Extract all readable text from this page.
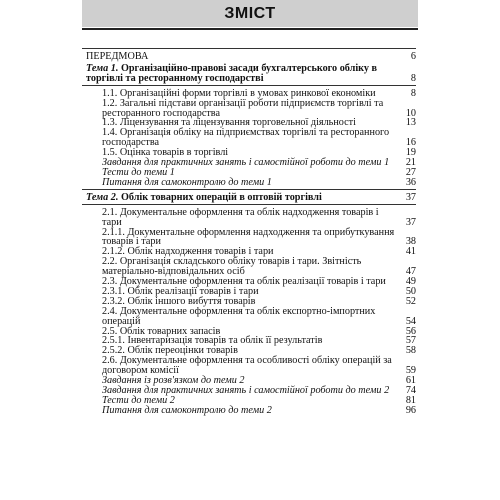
ЗМІСТ
ПЕРЕДМОВА	6
Тема 1. Організаційно-правові засади бухгалтерського обліку в торгівлі та ресторанному господарстві	8
1.1. Організаційні форми торгівлі в умовах ринкової економіки	8
1.2. Загальні підстави організації роботи підприємств торгівлі та ресторанного господарства	10
1.3. Ліцензування та ліцензування торговельної діяльності	13
1.4. Організація обліку на підприємствах торгівлі та ресторанного господарства	16
1.5. Оцінка товарів в торгівлі	19
Завдання для практичних занять і самостійної роботи до теми 1	21
Тести до теми 1	27
Питання для самоконтролю до теми 1	36
Тема 2. Облік товарних операцій в оптовій торгівлі	37
2.1. Документальне оформлення та облік надходження товарів і тари	37
2.1.1. Документальне оформлення надходження та оприбуткування товарів і тари	38
2.1.2. Облік надходження товарів і тари	41
2.2. Організація складського обліку товарів і тари. Звітність матеріально-відповідальних осіб	47
2.3. Документальне оформлення та облік реалізації товарів і тари	49
2.3.1. Облік реалізації товарів і тари	50
2.3.2. Облік іншого вибуття товарів	52
2.4. Документальне оформлення та облік експортно-імпортних операцій	54
2.5. Облік товарних запасів	56
2.5.1. Інвентаризація товарів та облік її результатів	57
2.5.2. Облік переоцінки товарів	58
2.6. Документальне оформлення та особливості обліку операцій за договором комісії	59
Завдання із розв'язком до теми 2	61
Завдання для практичних занять і самостійної роботи до теми 2	74
Тести до теми 2	81
Питання для самоконтролю до теми 2	96
